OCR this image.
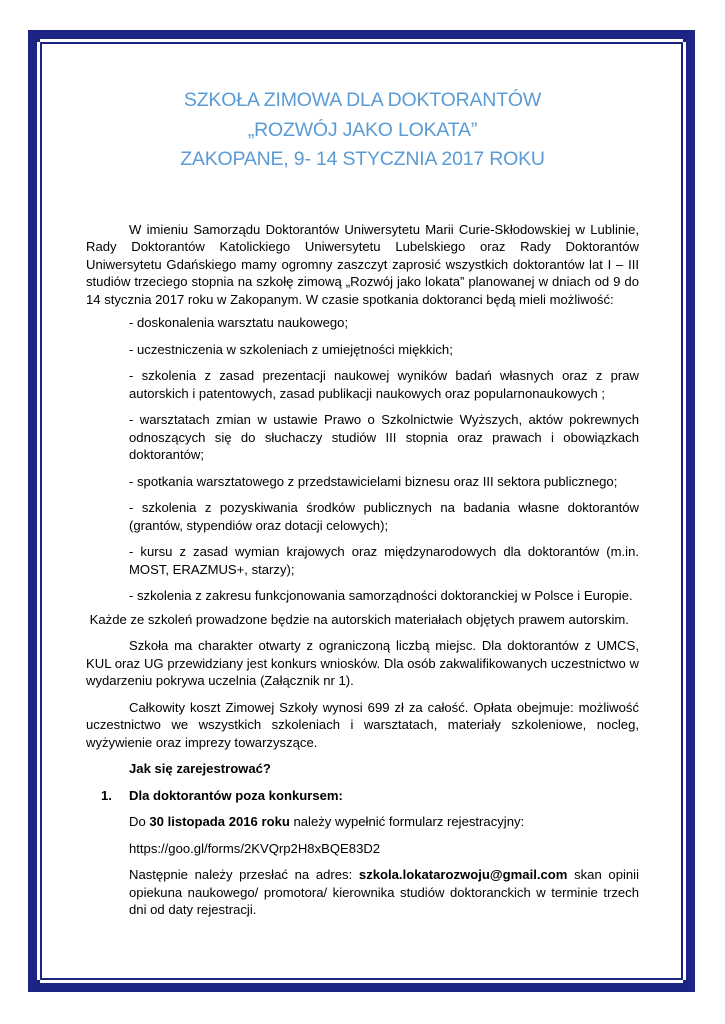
SZKOŁA ZIMOWA DLA DOKTORANTÓW
„ROZWÓJ JAKO LOKATA”
ZAKOPANE, 9- 14 STYCZNIA 2017 ROKU

W imieniu Samorządu Doktorantów Uniwersytetu Marii Curie-Skłodowskiej w Lublinie, Rady Doktorantów Katolickiego Uniwersytetu Lubelskiego oraz Rady Doktorantów Uniwersytetu Gdańskiego mamy ogromny zaszczyt zaprosić wszystkich doktorantów lat I – III studiów trzeciego stopnia na szkołę zimową „Rozwój jako lokata” planowanej w dniach od 9 do 14 stycznia 2017 roku w Zakopanym. W czasie spotkania doktoranci będą mieli możliwość:

- doskonalenia warsztatu naukowego;

- uczestniczenia w szkoleniach z umiejętności miękkich;

- szkolenia z zasad prezentacji naukowej wyników badań własnych oraz z praw autorskich i patentowych, zasad publikacji naukowych oraz popularnonaukowych ;

- warsztatach zmian w ustawie Prawo o Szkolnictwie Wyższych, aktów pokrewnych odnoszących się do słuchaczy studiów III stopnia oraz prawach i obowiązkach doktorantów;

- spotkania warsztatowego z przedstawicielami biznesu oraz III sektora publicznego;

- szkolenia z pozyskiwania środków publicznych na badania własne doktorantów (grantów, stypendiów oraz dotacji celowych);

- kursu z zasad wymian krajowych oraz międzynarodowych dla doktorantów (m.in. MOST, ERAZMUS+, starzy);

- szkolenia z zakresu funkcjonowania samorządności doktoranckiej w Polsce i Europie.

Każde ze szkoleń prowadzone będzie na autorskich materiałach objętych prawem autorskim.

Szkoła ma charakter otwarty z ograniczoną liczbą miejsc. Dla doktorantów z UMCS, KUL oraz UG przewidziany jest konkurs wniosków. Dla osób zakwalifikowanych uczestnictwo w wydarzeniu pokrywa uczelnia (Załącznik nr 1).

Całkowity koszt Zimowej Szkoły wynosi 699 zł za całość. Opłata obejmuje: możliwość uczestnictwo we wszystkich szkoleniach i warsztatach, materiały szkoleniowe, nocleg, wyżywienie oraz imprezy towarzyszące.

Jak się zarejestrować?

1.	Dla doktorantów poza konkursem:

Do 30 listopada 2016 roku należy wypełnić formularz rejestracyjny:

https://goo.gl/forms/2KVQrp2H8xBQE83D2

Następnie należy przesłać na adres: szkola.lokatarozwoju@gmail.com skan opinii opiekuna naukowego/ promotora/ kierownika studiów doktoranckich w terminie trzech dni od daty rejestracji.
